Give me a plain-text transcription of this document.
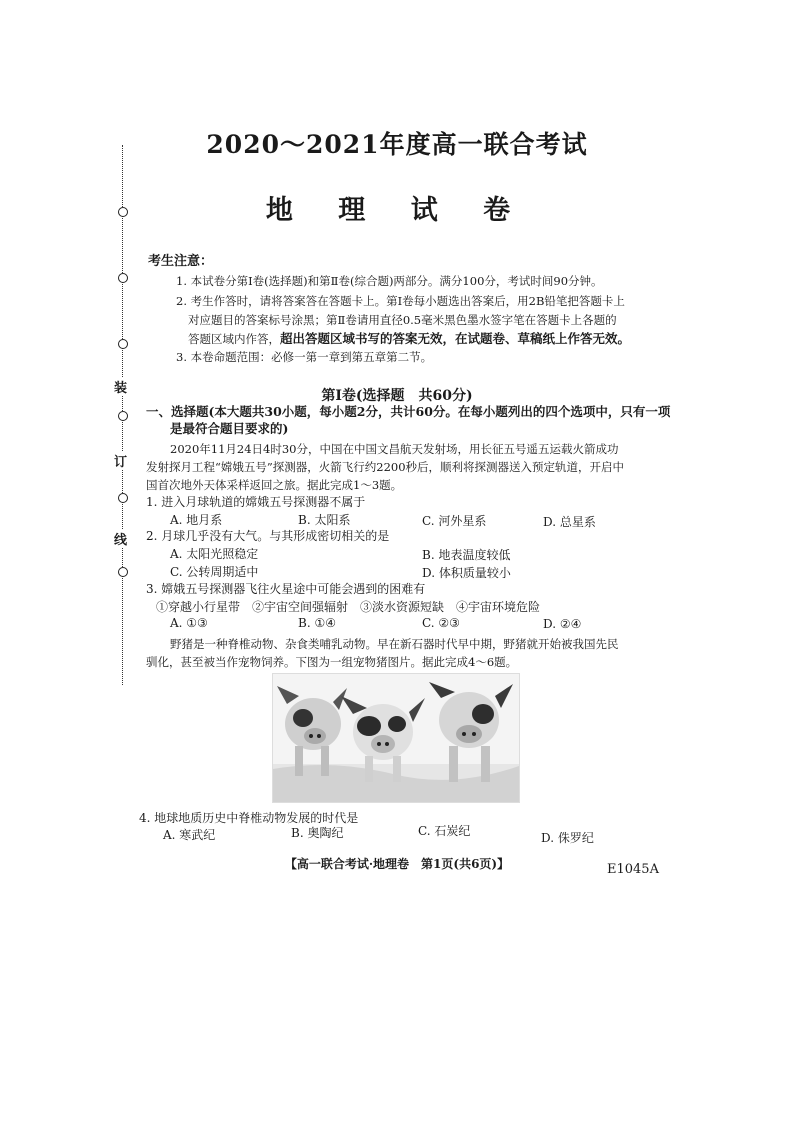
装
订
线
2020～2021年度高一联合考试
地 理 试 卷
考生注意：
1. 本试卷分第Ⅰ卷(选择题)和第Ⅱ卷(综合题)两部分。满分100分，考试时间90分钟。
2. 考生作答时，请将答案答在答题卡上。第Ⅰ卷每小题选出答案后，用2B铅笔把答题卡上
对应题目的答案标号涂黑；第Ⅱ卷请用直径0.5毫米黑色墨水签字笔在答题卡上各题的
答题区域内作答，超出答题区域书写的答案无效，在试题卷、草稿纸上作答无效。
3. 本卷命题范围：必修一第一章到第五章第二节。
第Ⅰ卷(选择题　共60分)
一、选择题(本大题共30小题，每小题2分，共计60分。在每小题列出的四个选项中，只有一项
是最符合题目要求的)
2020年11月24日4时30分，中国在中国文昌航天发射场，用长征五号遥五运载火箭成功
发射探月工程“嫦娥五号”探测器，火箭飞行约2200秒后，顺利将探测器送入预定轨道，开启中
国首次地外天体采样返回之旅。据此完成1～3题。
1. 进入月球轨道的嫦娥五号探测器不属于
A. 地月系	B. 太阳系	C. 河外星系	D. 总星系
2. 月球几乎没有大气。与其形成密切相关的是
A. 太阳光照稳定	B. 地表温度较低
C. 公转周期适中	D. 体积质量较小
3. 嫦娥五号探测器飞往火星途中可能会遇到的困难有
①穿越小行星带　②宇宙空间强辐射　③淡水资源短缺　④宇宙环境危险
A. ①③	B. ①④	C. ②③	D. ②④
野猪是一种脊椎动物、杂食类哺乳动物。早在新石器时代早中期，野猪就开始被我国先民
驯化，甚至被当作宠物饲养。下图为一组宠物猪图片。据此完成4～6题。
4. 地球地质历史中脊椎动物发展的时代是
A. 寒武纪	B. 奥陶纪	C. 石炭纪	D. 侏罗纪
【高一联合考试·地理卷　第1页(共6页)】	E1045A
